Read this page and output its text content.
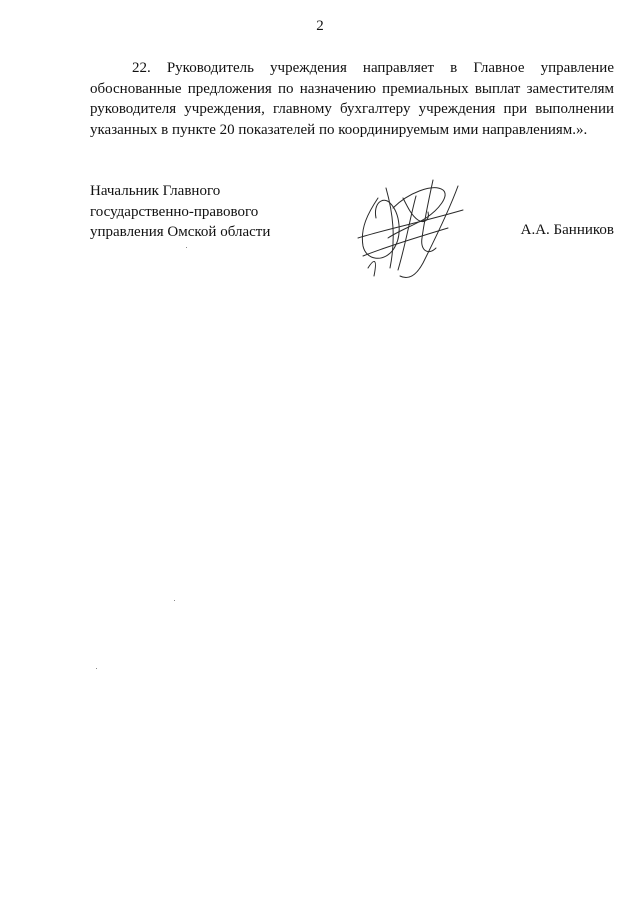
2

22. Руководитель учреждения направляет в Главное управление обоснованные предложения по назначению премиальных выплат заместителям руководителя учреждения, главному бухгалтеру учреждения при выполнении указанных в пункте 20 показателей по координируемым ими направлениям.».

Начальник Главного
государственно-правового
управления Омской области	А.А. Банников
